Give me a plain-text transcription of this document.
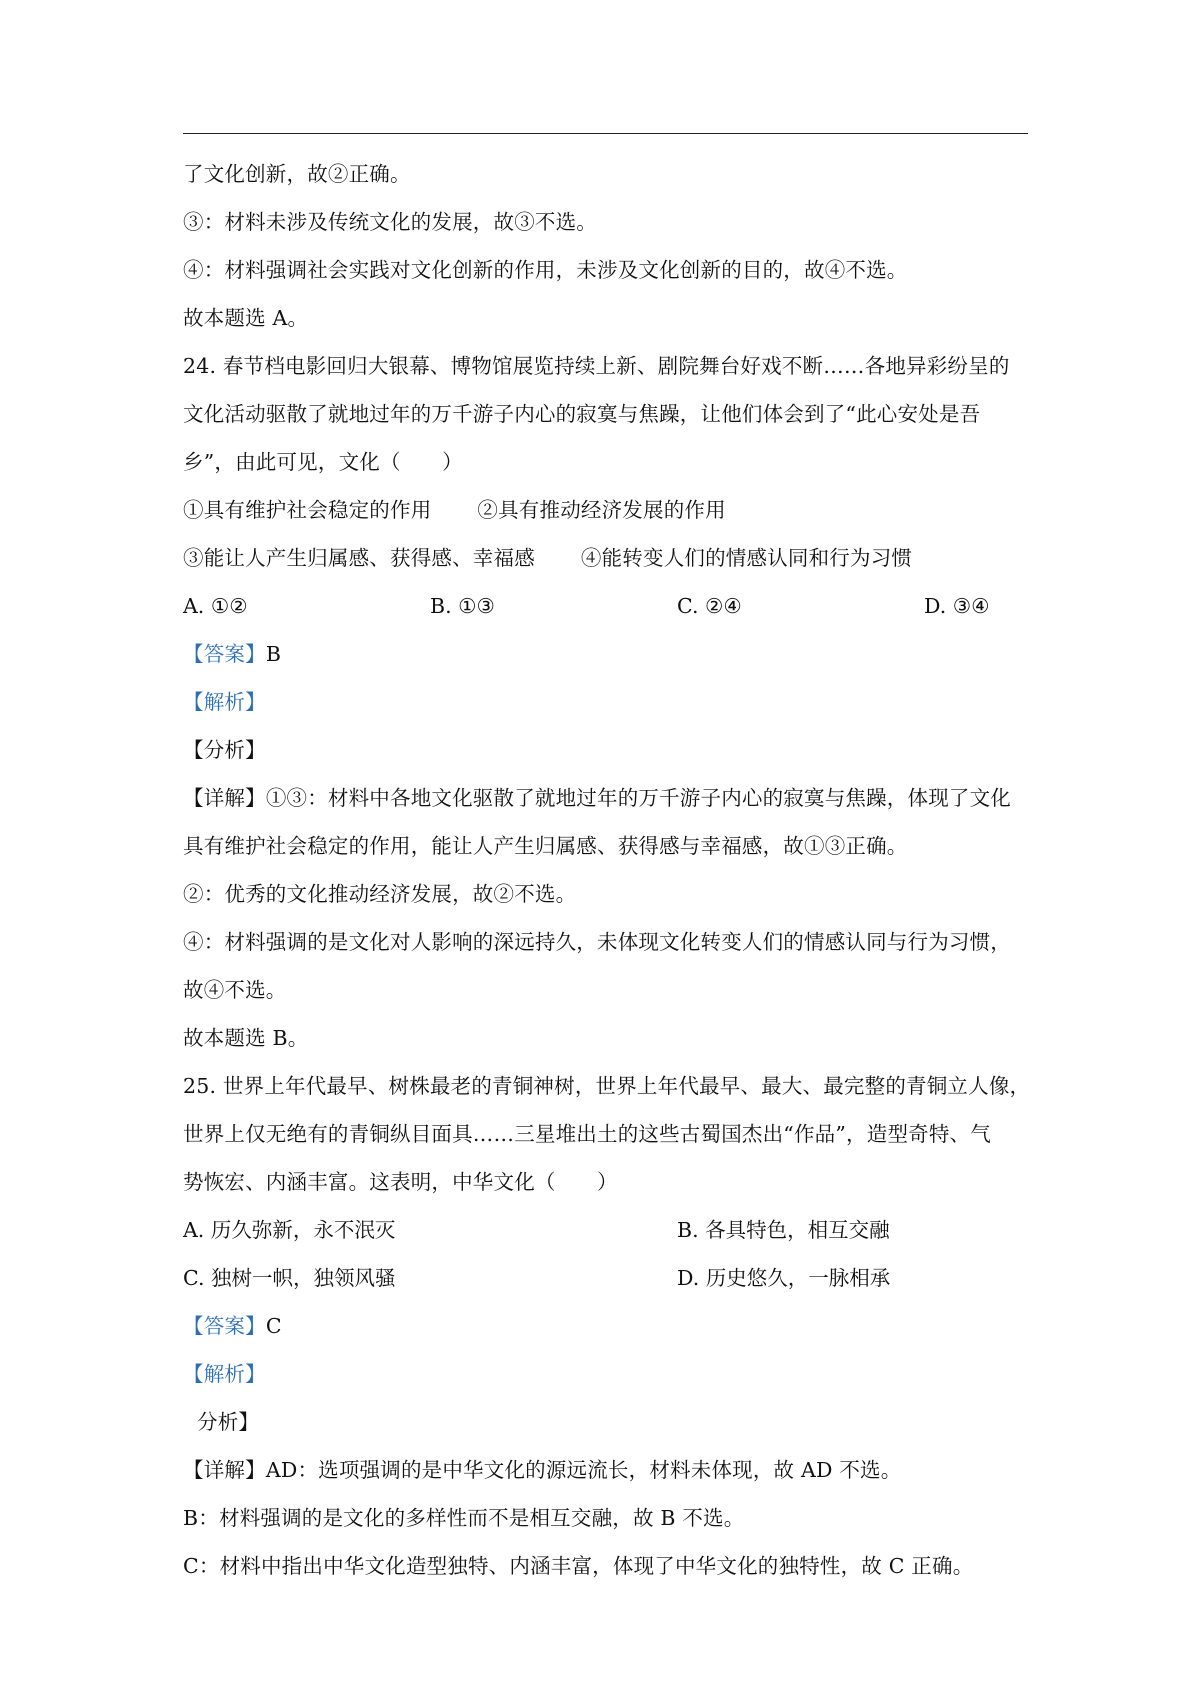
了文化创新，故②正确。
③：材料未涉及传统文化的发展，故③不选。
④：材料强调社会实践对文化创新的作用，未涉及文化创新的目的，故④不选。
故本题选 A。
24. 春节档电影回归大银幕、博物馆展览持续上新、剧院舞台好戏不断……各地异彩纷呈的
文化活动驱散了就地过年的万千游子内心的寂寞与焦躁，让他们体会到了“此心安处是吾
乡”，由此可见，文化（　　）
①具有维护社会稳定的作用 ②具有推动经济发展的作用
③能让人产生归属感、获得感、幸福感 ④能转变人们的情感认同和行为习惯
A. ①②	B. ①③	C. ②④	D. ③④
【答案】B
【解析】
【分析】
【详解】①③：材料中各地文化驱散了就地过年的万千游子内心的寂寞与焦躁，体现了文化
具有维护社会稳定的作用，能让人产生归属感、获得感与幸福感，故①③正确。
②：优秀的文化推动经济发展，故②不选。
④：材料强调的是文化对人影响的深远持久，未体现文化转变人们的情感认同与行为习惯，
故④不选。
故本题选 B。
25. 世界上年代最早、树株最老的青铜神树，世界上年代最早、最大、最完整的青铜立人像，
世界上仅无绝有的青铜纵目面具……三星堆出土的这些古蜀国杰出“作品”，造型奇特、气
势恢宏、内涵丰富。这表明，中华文化（　　）
A. 历久弥新，永不泯灭	B. 各具特色，相互交融
C. 独树一帜，独领风骚	D. 历史悠久，一脉相承
【答案】C
【解析】
分析】
【详解】AD：选项强调的是中华文化的源远流长，材料未体现，故 AD 不选。
B：材料强调的是文化的多样性而不是相互交融，故 B 不选。
C：材料中指出中华文化造型独特、内涵丰富，体现了中华文化的独特性，故 C 正确。
